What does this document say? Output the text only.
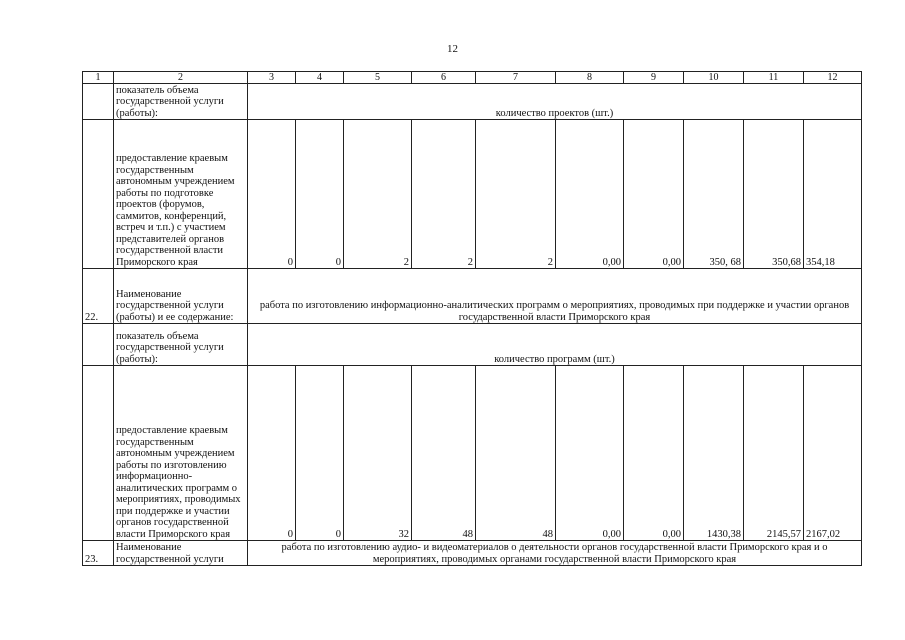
12
1	2	3	4	5	6	7	8	9	10	11	12
	показатель объема государственной услуги (работы):	количество проектов (шт.)									
	предоставление краевым государственным автономным учреждением работы по подготовке проектов (форумов, саммитов, конференций, встреч и т.п.) с участием представителей органов государственной власти Приморского края	0	0	2	2	2	0,00	0,00	350, 68	350,68	354,18
22.	Наименование государственной услуги (работы) и ее содержание:	работа по изготовлению информационно-аналитических программ о мероприятиях, проводимых при поддержке и участии органов государственной власти Приморского края									
	показатель объема государственной услуги (работы):	количество программ (шт.)									
	предоставление краевым государственным автономным учреждением работы по изготовлению информационно-аналитических программ о мероприятиях, проводимых при поддержке и участии органов государственной власти Приморского края	0	0	32	48	48	0,00	0,00	1430,38	2145,57	2167,02
23.	Наименование государственной услуги	работа по изготовлению аудио- и видеоматериалов о деятельности органов государственной власти Приморского края и о мероприятиях, проводимых органами государственной власти Приморского края									
